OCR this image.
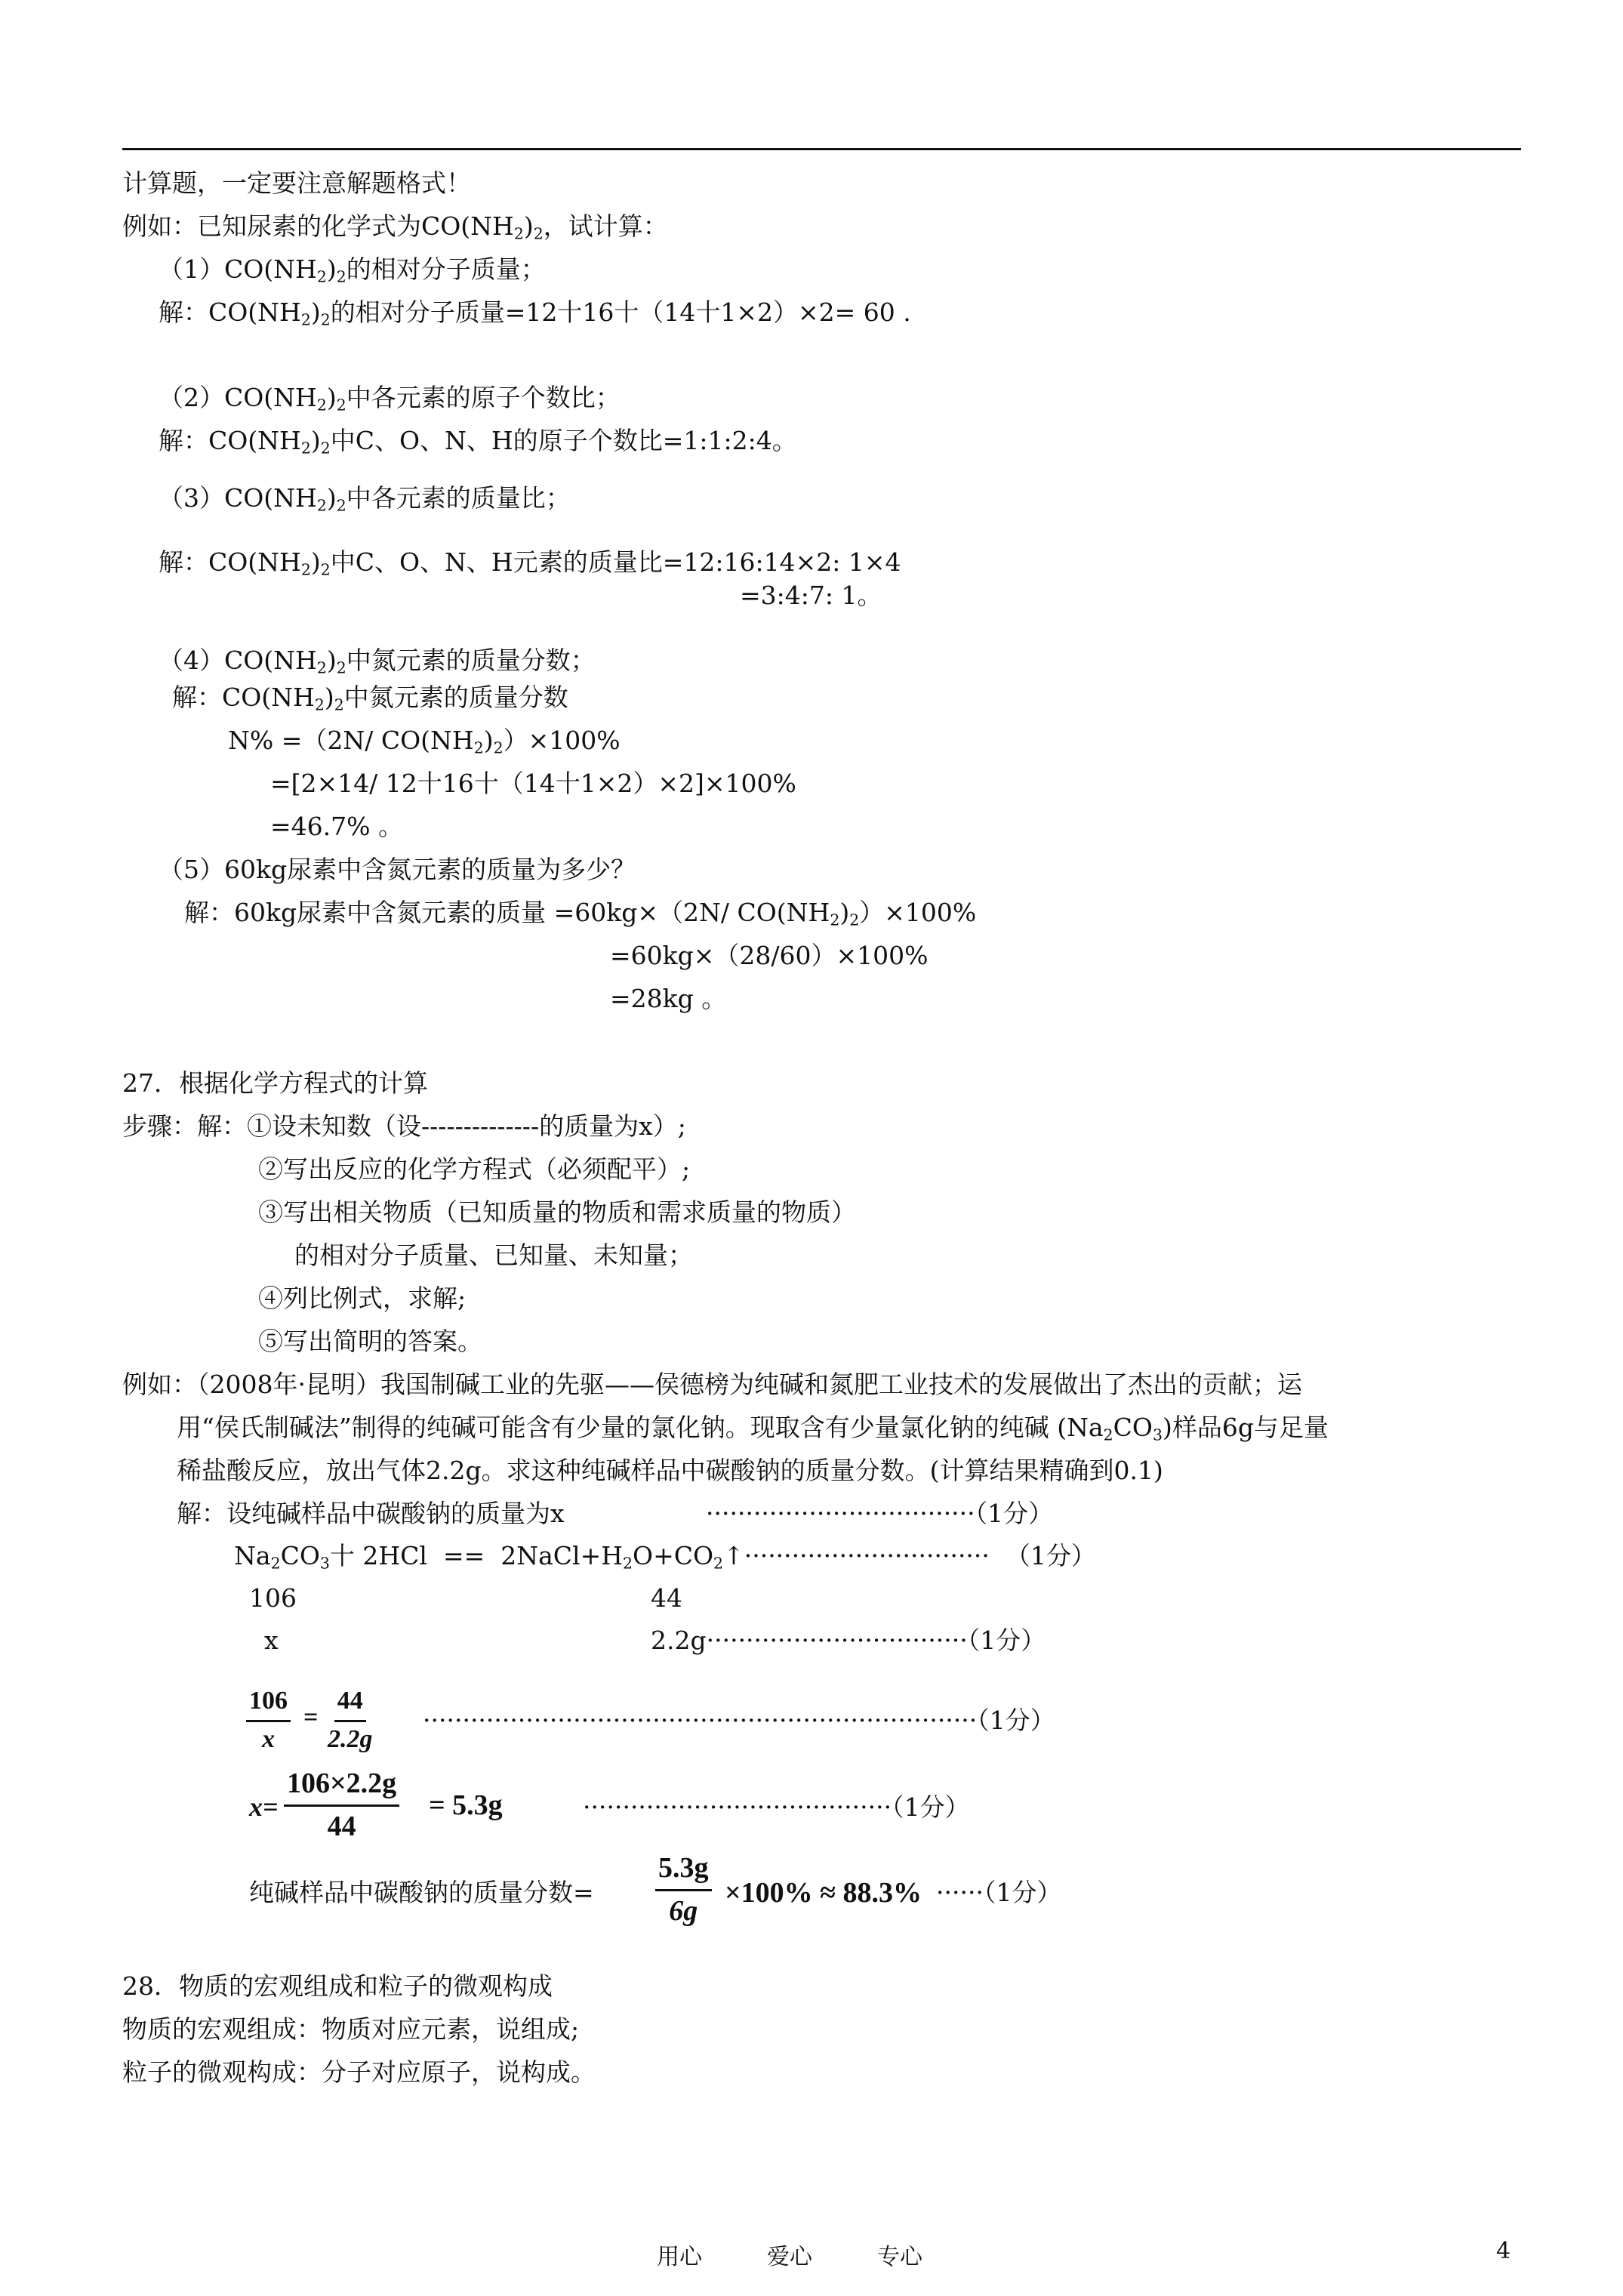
计算题，一定要注意解题格式！
例如：已知尿素的化学式为$CO(NH_2)_2$，试计算：
$(1)CO(NH_2)_2$的相对分子质量；
解：$CO(NH_2)_2$的相对分子质量=12十16十（14十1×2）×2= 60 .
$(2)CO(NH_2)_2$中各元素的原子个数比；
解：$CO(NH_2)_2$中C、O、N、H的原子个数比=1:1:2:4。
$(3)CO(NH_2)_2$中各元素的质量比；
解：$CO(NH_2)_2$中C、O、N、H元素的质量比=12:16:14×2: 1×4
=3:4:7: 1。
$(4)CO(NH_2)_2$中氮元素的质量分数；
解：$CO(NH_2)_2$中氮元素的质量分数
N% =（2N/ $CO(NH_2)_2)\times 100\%$
=[2×14/ 12十16十（14十1×2）×2]×100%
=46.7% 。
（5）60kg尿素中含氮元素的质量为多少？
解：60kg尿素中含氮元素的质量 =60kg×（2N/ $CO(NH_2)_2)\times 100\%$
=60kg×（28/60）×100%
=28kg 。
27．根据化学方程式的计算
步骤：解：①设未知数（设--------------的质量为x）;
②写出反应的化学方程式（必须配平）;
③写出相关物质（已知质量的物质和需求质量的物质）
的相对分子质量、已知量、未知量；
④列比例式，求解;
⑤写出简明的答案。
例如：（2008年·昆明）我国制碱工业的先驱——侯德榜为纯碱和氮肥工业技术的发展做出了杰出的贡献；运
用“侯氏制碱法”制得的纯碱可能含有少量的氯化钠。现取含有少量氯化钠的纯碱 $(Na_2CO_3)$样品6g与足量
稀盐酸反应，放出气体2.2g。求这种纯碱样品中碳酸钠的质量分数。(计算结果精确到0.1)
解：设纯碱样品中碳酸钠的质量为x	··································（1分）
$Na_2CO_3$十 $2HCl == 2NaCl+H_2O+CO_2↑\cdot\cdot\cdot\cdot\cdot\cdot\cdot\cdot\cdot\cdot\cdot\cdot\cdot\cdot\cdot\cdot\cdot\cdot\cdot\cdot\cdot\cdot\cdot\cdot\cdot\cdot\cdot\cdot\cdot\cdot\cdot (1$分）
106	44
x	2.2g·································（1分）
$\frac{106}{x} = \frac{44}{2.2g} \cdot\cdot\cdot\cdot\cdot\cdot\cdot\cdot\cdot\cdot\cdot\cdot\cdot\cdot\cdot\cdot\cdot\cdot\cdot\cdot\cdot\cdot\cdot\cdot\cdot\cdot\cdot\cdot\cdot\cdot\cdot\cdot\cdot\cdot\cdot\cdot\cdot\cdot\cdot\cdot\cdot\cdot\cdot\cdot\cdot\cdot\cdot\cdot\cdot\cdot\cdot\cdot\cdot\cdot\cdot\cdot\cdot\cdot\cdot\cdot\cdot\cdot\cdot\cdot\cdot\cdot\cdot\cdot\cdot\cdot(1$分）
$x= \frac{106\times 2.2g}{44} = 5.3g$	·······································（1分）
纯碱样品中碳酸钠的质量分数= $\frac{5.3g}{6g} \times 100\% \approx 88.3\% \cdot\cdot\cdot\cdot\cdot\cdot(1$分）
28．物质的宏观组成和粒子的微观构成
物质的宏观组成：物质对应元素，说组成;
粒子的微观构成：分子对应原子，说构成。
用心	爱心	专心	4
